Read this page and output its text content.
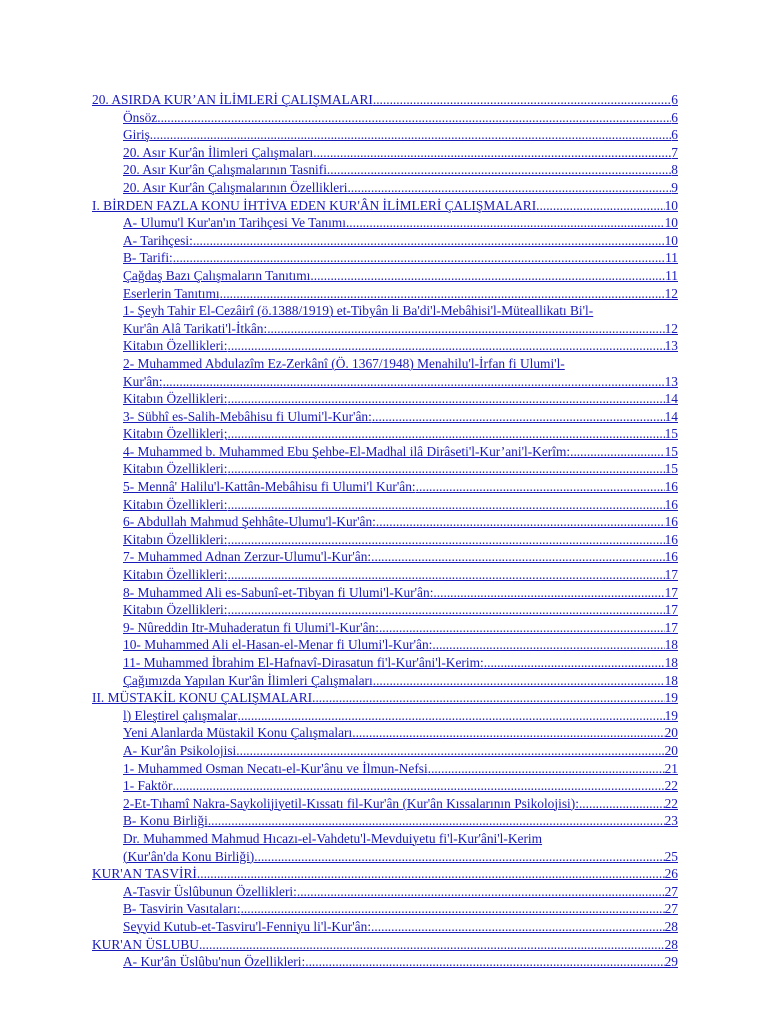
20. ASIRDA KUR’AN İLİMLERİ ÇALIŞMALARI .....	6
Önsöz .....	6
Giriş .....	6
20. Asır Kur'ân İlimleri Çalışmaları .....	7
20. Asır Kur'ân Çalışmalarının Tasnifi .....	8
20. Asır Kur'ân Çalışmalarının Özellikleri .....	9
I. BİRDEN FAZLA KONU İHTİVA EDEN KUR'ÂN İLİMLERİ ÇALIŞMALARI .....	10
A- Ulumu'l Kur'an'ın Tarihçesi Ve Tanımı .....	10
A- Tarihçesi: .....	10
B- Tarifi: .....	11
Çağdaş Bazı Çalışmaların Tanıtımı .....	11
Eserlerin Tanıtımı .....	12
1- Şeyh Tahir El-Cezâirî (ö.1388/1919) et-Tibyân li Ba'di'l-Mebâhisi'l-Müteallikatı Bi'l-
Kur'ân Alâ Tarikati'l-İtkân: .....	12
Kitabın Özellikleri: .....	13
2- Muhammed Abdulazîm Ez-Zerkânî (Ö. 1367/1948) Menahilu'l-İrfan fi Ulumi'l-
Kur'ân: .....	13
Kitabın Özellikleri: .....	14
3- Sübhî es-Salih-Mebâhisu fi Ulumi'l-Kur'ân: .....	14
Kitabın Özellikleri; .....	15
4- Muhammed b. Muhammed Ebu Şehbe-El-Madhal ilâ Dirâseti'l-Kur’ani'l-Kerîm: .....	15
Kitabın Özellikleri: .....	15
5- Mennâ' Halilu'l-Kattân-Mebâhisu fi Ulumi'l Kur'ân: .....	16
Kitabın Özellikleri: .....	16
6- Abdullah Mahmud Şehhâte-Ulumu'l-Kur'ân: .....	16
Kitabın Özellikleri: .....	16
7- Muhammed Adnan Zerzur-Ulumu'l-Kur'ân: .....	16
Kitabın Özellikleri: .....	17
8- Muhammed Ali es-Sabunî-et-Tibyan fi Ulumi'l-Kur'ân: .....	17
Kitabın Özellikleri: .....	17
9- Nûreddin Itr-Muhaderatun fi Ulumi'l-Kur'ân: .....	17
10- Muhammed Ali el-Hasan-el-Menar fi Ulumi'l-Kur'ân: .....	18
11- Muhammed İbrahim El-Hafnavî-Dirasatun fi'l-Kur'âni'l-Kerim: .....	18
Çağımızda Yapılan Kur'ân İlimleri Çalışmaları .....	18
II. MÜSTAKİL KONU ÇALIŞMALARI .....	19
l) Eleştirel çalışmalar .....	19
Yeni Alanlarda Müstakil Konu Çalışmaları .....	20
A- Kur'ân Psikolojisi .....	20
1- Muhammed Osman Necatı-el-Kur'ânu ve İlmun-Nefsi .....	21
1- Faktör .....	22
2-Et-Tıhamî Nakra-Saykolijiyetil-Kıssatı fil-Kur'ân (Kur'ân Kıssalarının Psikolojisi): .....	22
B- Konu Birliği .....	23
Dr. Muhammed Mahmud Hıcazı-el-Vahdetu'l-Mevduiyetu fi'l-Kur'âni'l-Kerim
(Kur'ân'da Konu Birliği) .....	25
KUR'AN TASVİRİ .....	26
A-Tasvir Üslûbunun Özellikleri: .....	27
B- Tasvirin Vasıtaları: .....	27
Seyyid Kutub-et-Tasviru'l-Fenniyu li'l-Kur'ân: .....	28
KUR'AN ÜSLUBU .....	28
A- Kur'ân Üslûbu'nun Özellikleri: .....	29
